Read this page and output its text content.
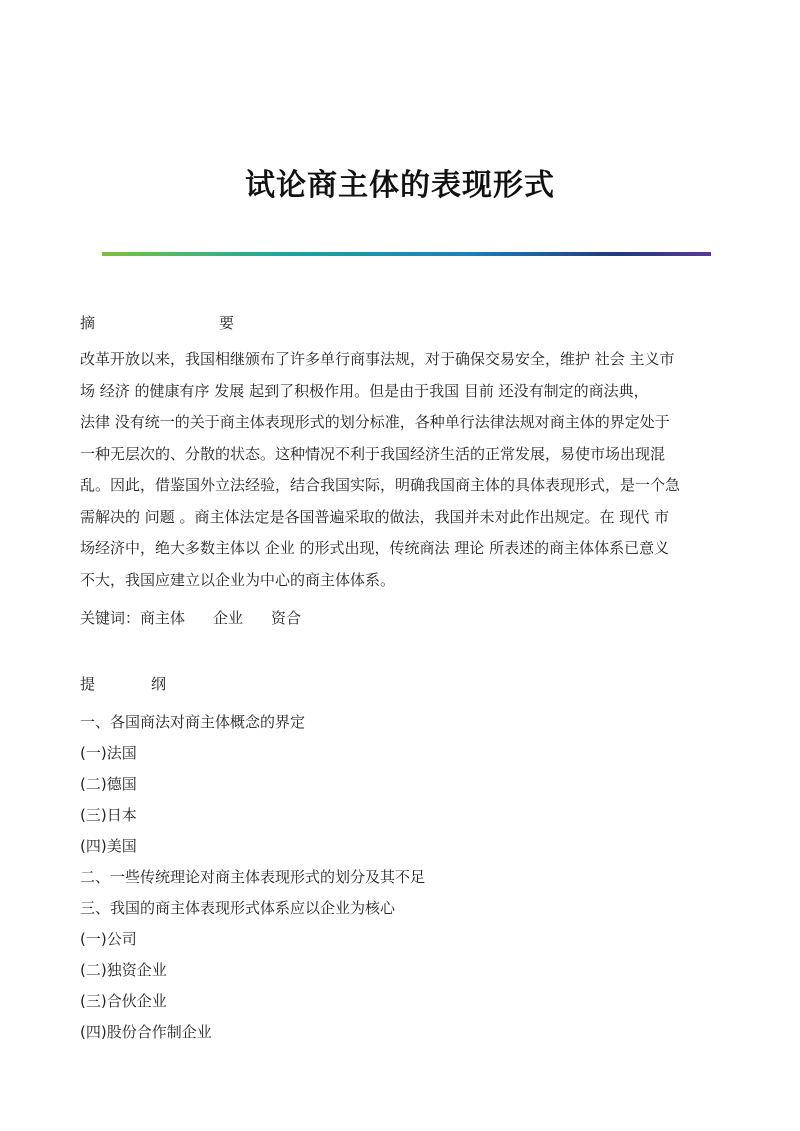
试论商主体的表现形式
摘	要
改革开放以来，我国相继颁布了许多单行商事法规，对于确保交易安全，维护 社会 主义市
场 经济 的健康有序 发展 起到了积极作用。但是由于我国 目前 还没有制定的商法典，
法律 没有统一的关于商主体表现形式的划分标准，各种单行法律法规对商主体的界定处于
一种无层次的、分散的状态。这种情况不利于我国经济生活的正常发展，易使市场出现混
乱。因此，借鉴国外立法经验，结合我国实际，明确我国商主体的具体表现形式，是一个急
需解决的 问题 。商主体法定是各国普遍采取的做法，我国并未对此作出规定。在 现代 市
场经济中，绝大多数主体以 企业 的形式出现，传统商法 理论 所表述的商主体体系已意义
不大，我国应建立以企业为中心的商主体体系。
关键词：商主体 企业 资合
提	纲
一、各国商法对商主体概念的界定
(一)法国
(二)德国
(三)日本
(四)美国
二、一些传统理论对商主体表现形式的划分及其不足
三、我国的商主体表现形式体系应以企业为核心
(一)公司
(二)独资企业
(三)合伙企业
(四)股份合作制企业
